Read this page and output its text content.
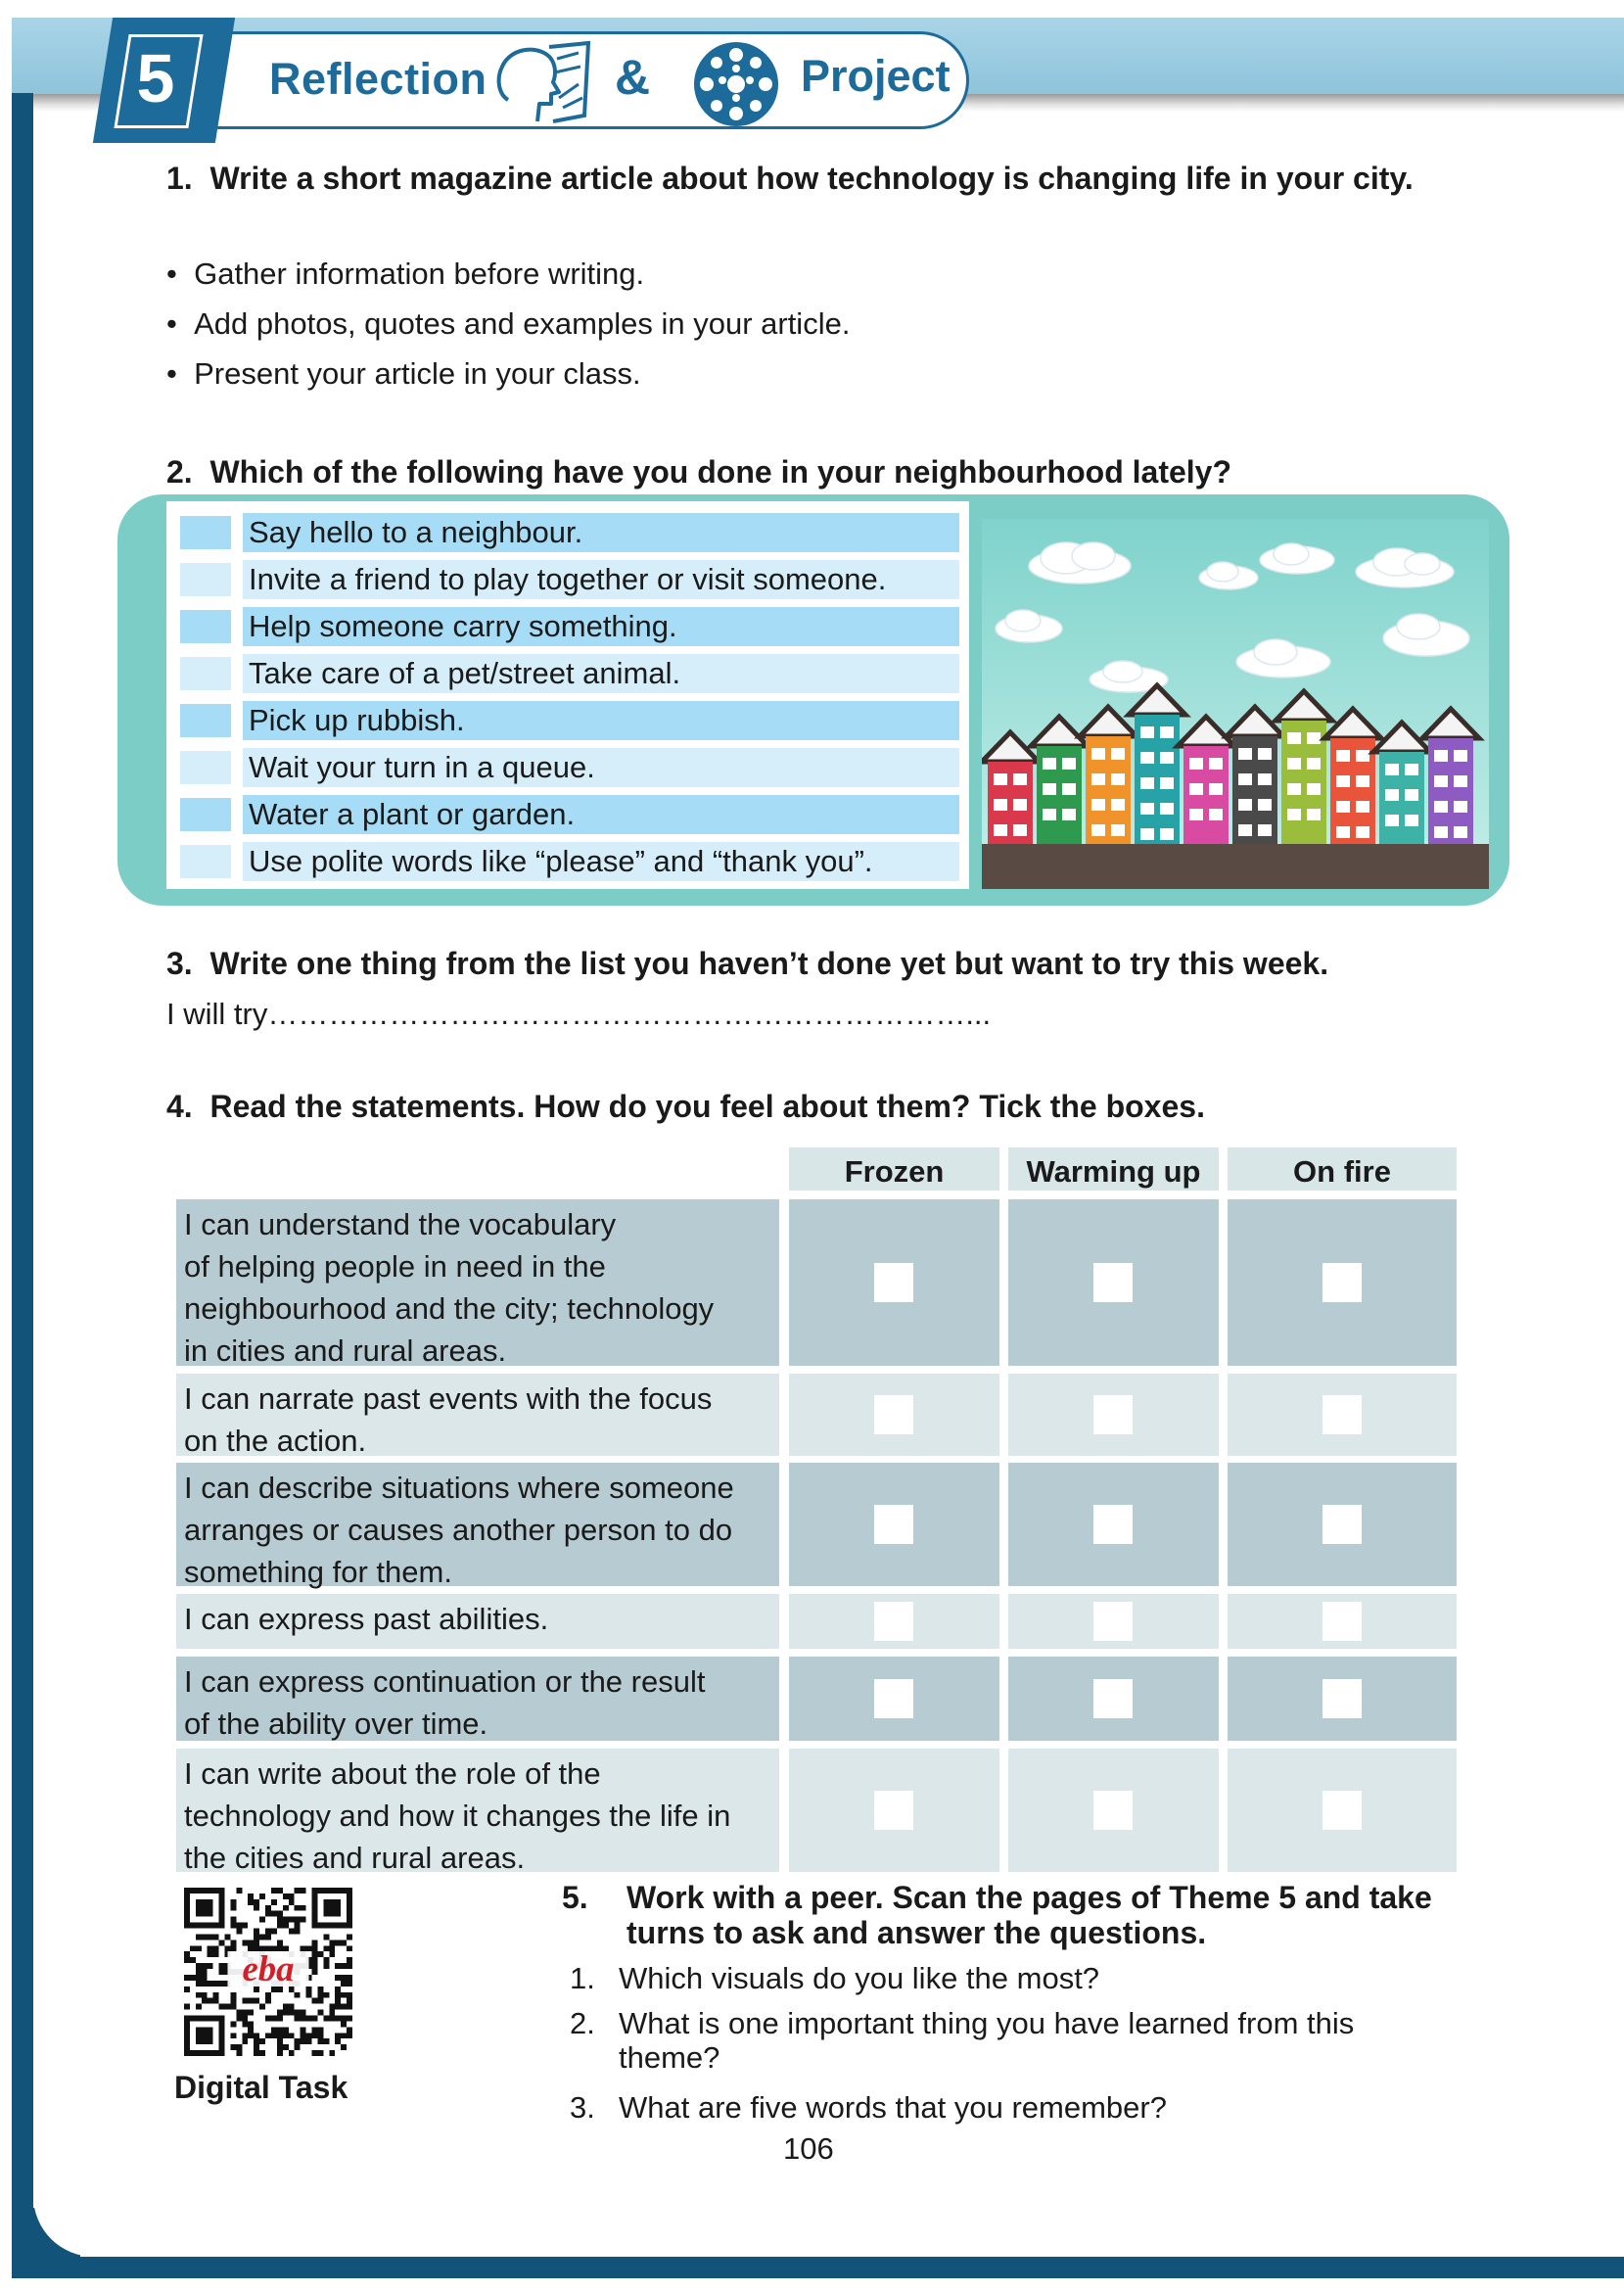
5 Reflection	&	Project
1. Write a short magazine article about how technology is changing life in your city.
•  Gather information before writing.
•  Add photos, quotes and examples in your article.
•  Present your article in your class.
2. Which of the following have you done in your neighbourhood lately?
Say hello to a neighbour.
Invite a friend to play together or visit someone.
Help someone carry something.
Take care of a pet/street animal.
Pick up rubbish.
Wait your turn in a queue.
Water a plant or garden.
Use polite words like “please” and “thank you”.
3. Write one thing from the list you haven’t done yet but want to try this week.
I will try……………………………………………………………...
4. Read the statements. How do you feel about them? Tick the boxes.
Frozen	Warming up	On fire
I can understand the vocabulary
of helping people in need in the
neighbourhood and the city; technology
in cities and rural areas.
I can narrate past events with the focus
on the action.
I can describe situations where someone
arranges or causes another person to do
something for them.
I can express past abilities.
I can express continuation or the result
of the ability over time.
I can write about the role of the
technology and how it changes the life in
the cities and rural areas.
eba
Digital Task
5. Work with a peer. Scan the pages of Theme 5 and take
turns to ask and answer the questions.
1. Which visuals do you like the most?
2. What is one important thing you have learned from this
theme?
3. What are five words that you remember?
106
